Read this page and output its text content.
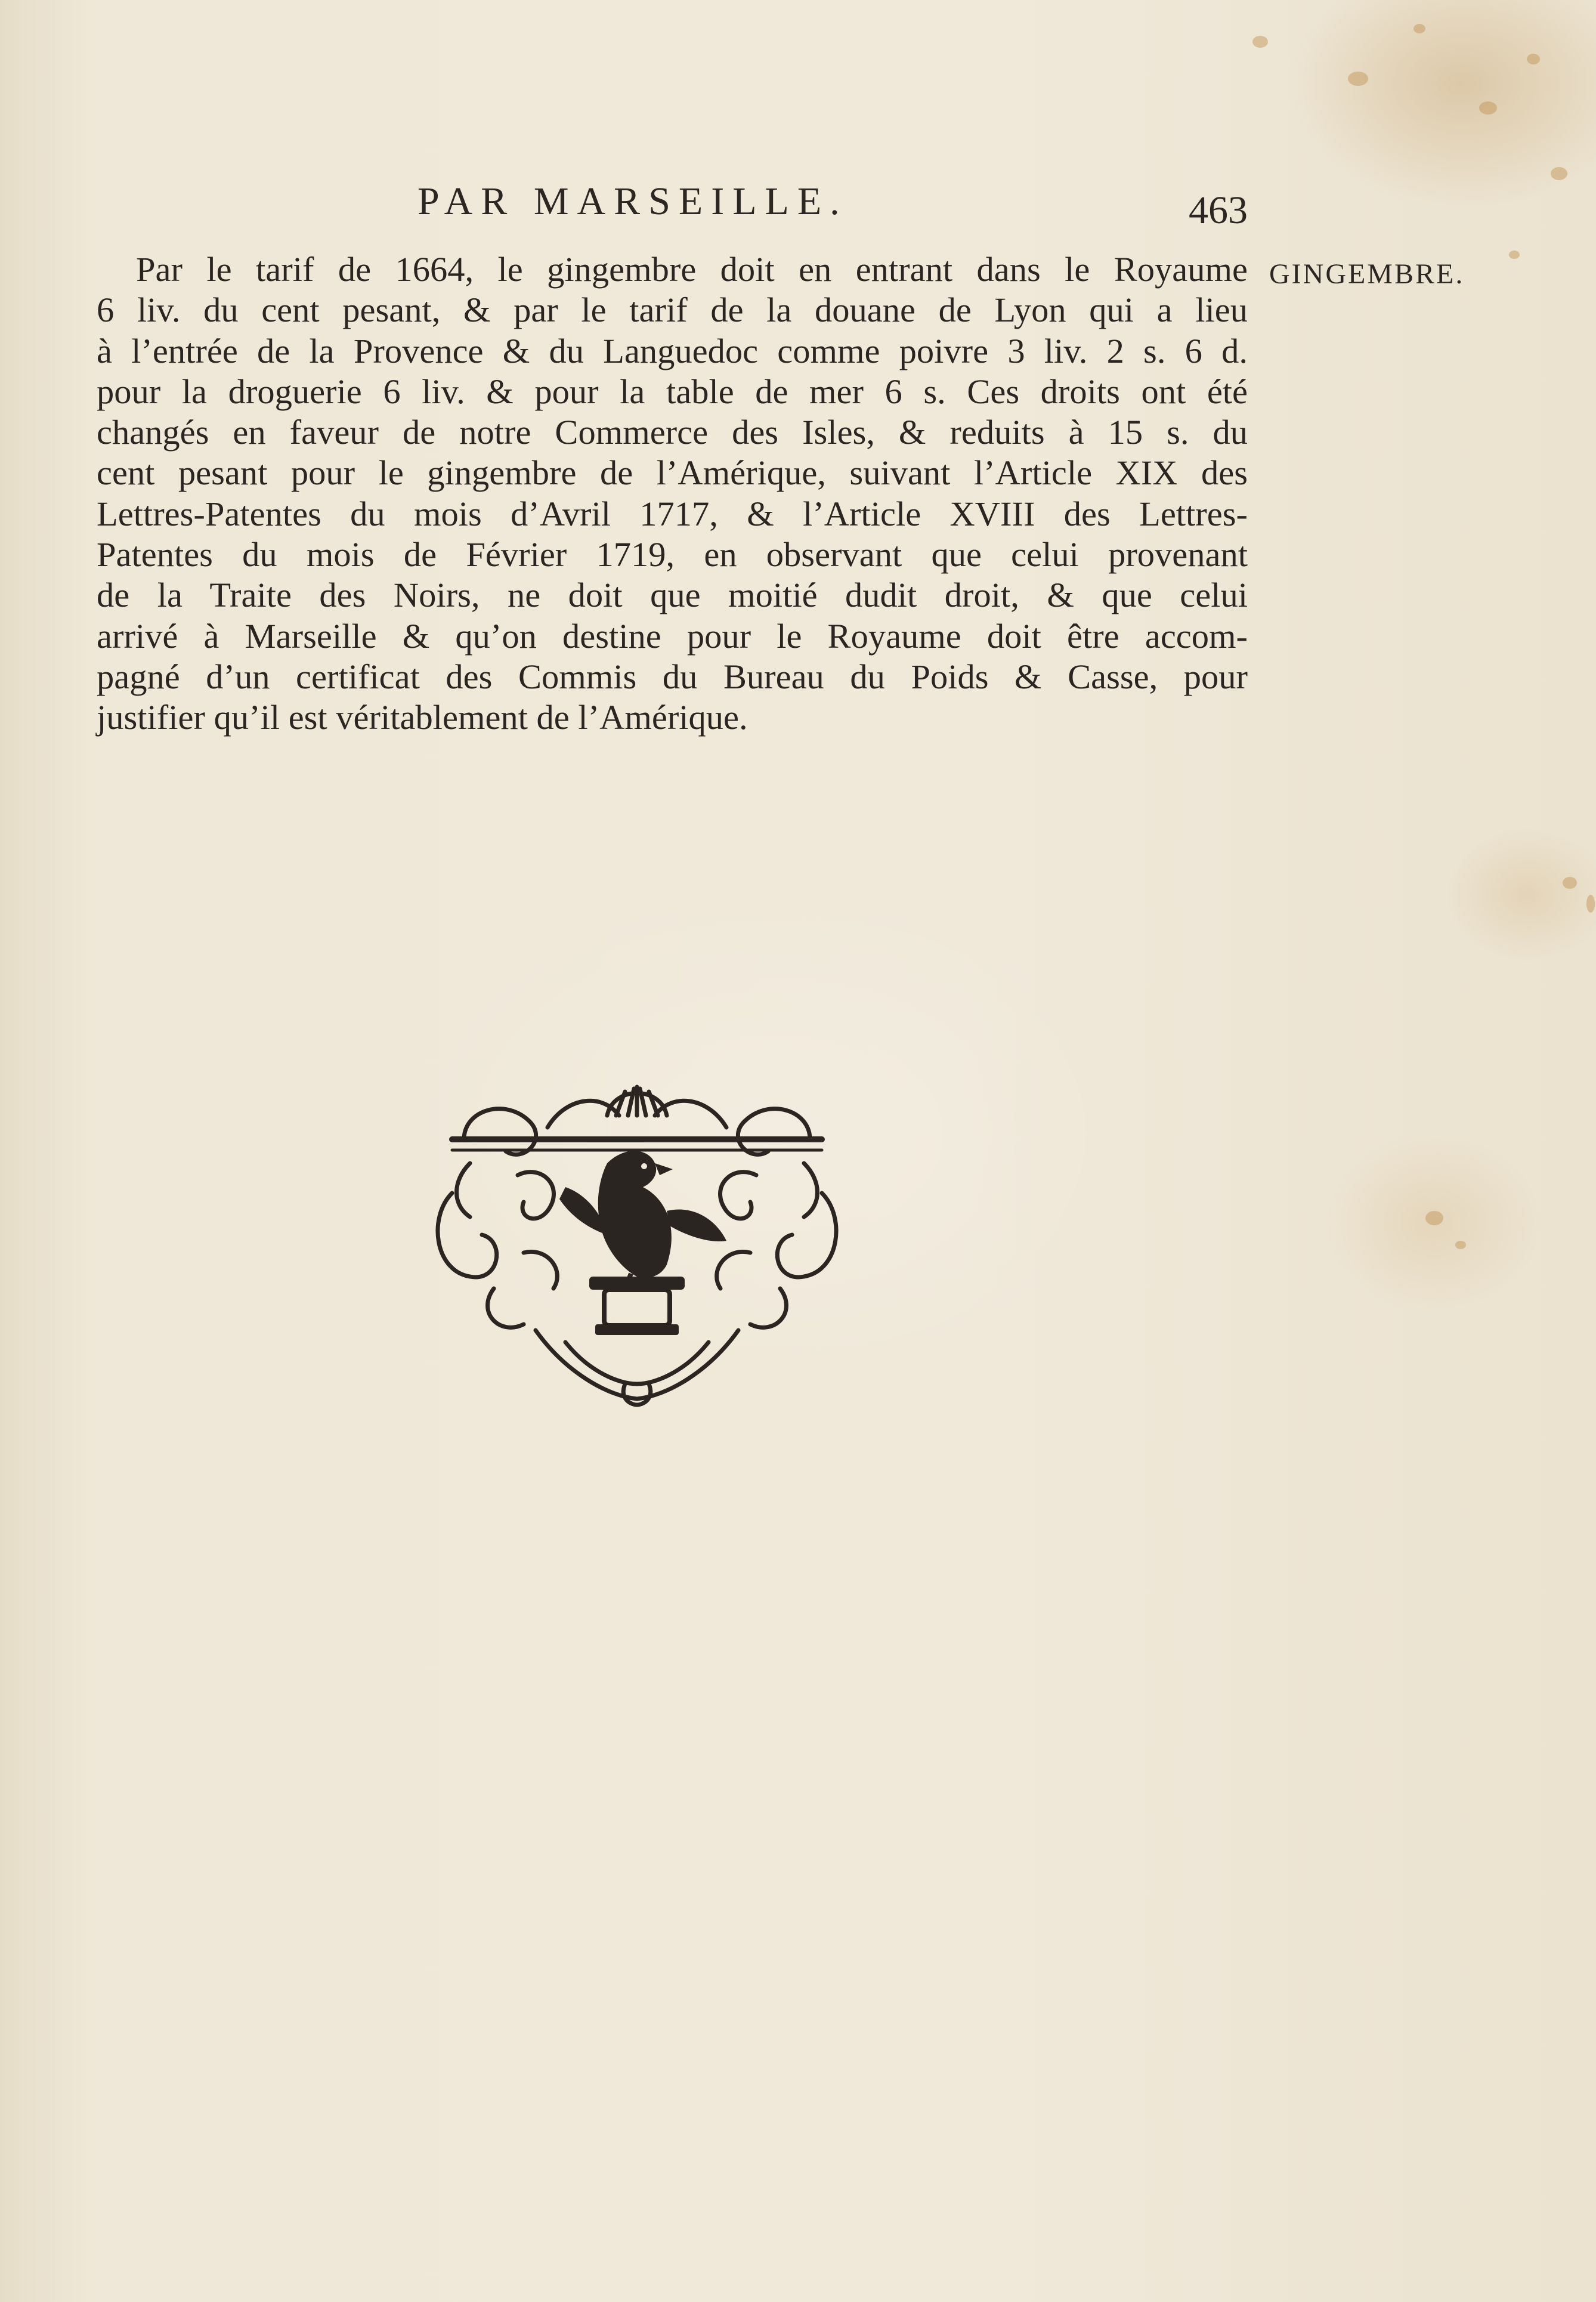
PAR MARSEILLE.	463
GINGEMBRE.
Par le tarif de 1664, le gingembre doit en entrant dans le Royaume
6 liv. du cent pesant, & par le tarif de la douane de Lyon qui a lieu
à l’entrée de la Provence & du Languedoc comme poivre 3 liv. 2 s. 6 d.
pour la droguerie 6 liv. & pour la table de mer 6 s. Ces droits ont été
changés en faveur de notre Commerce des Isles, & reduits à 15 s. du
cent pesant pour le gingembre de l’Amérique, suivant l’Article XIX des
Lettres-Patentes du mois d’Avril 1717, & l’Article XVIII des Lettres-
Patentes du mois de Février 1719, en observant que celui provenant
de la Traite des Noirs, ne doit que moitié dudit droit, & que celui
arrivé à Marseille & qu’on destine pour le Royaume doit être accom-
pagné d’un certificat des Commis du Bureau du Poids & Casse, pour
justifier qu’il est véritablement de l’Amérique.
